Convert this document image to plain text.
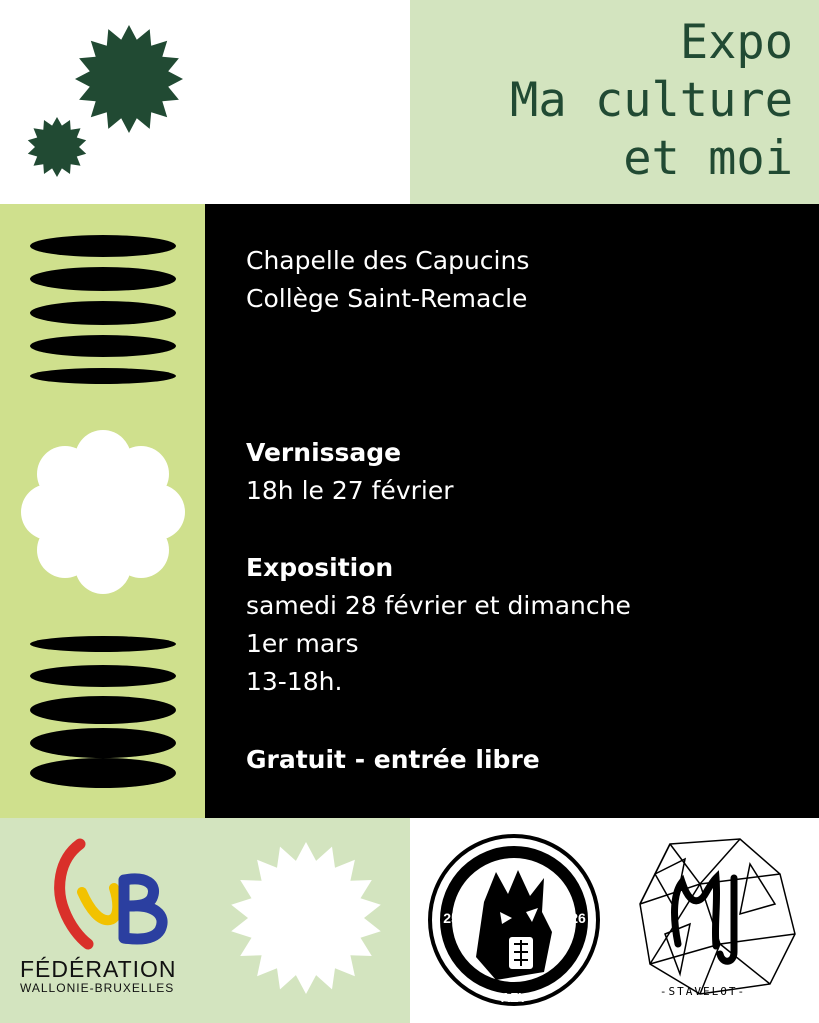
Expo
Ma culture
et moi

Chapelle des Capucins
Collège Saint-Remacle

Vernissage
18h le 27 février

Exposition
samedi 28 février et dimanche
1er mars
13-18h.

Gratuit - entrée libre

FÉDÉRATION

WALLONIE-BRUXELLES

25	26
AZY	-STAVELOT-
